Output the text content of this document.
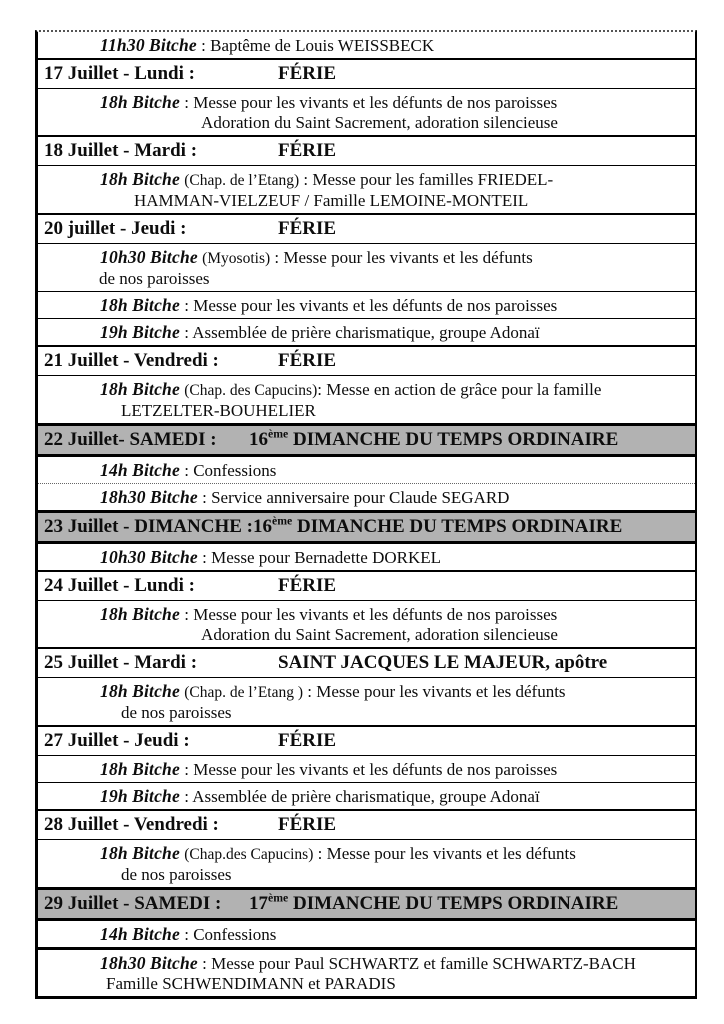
11h30 Bitche : Baptême de Louis WEISSBECK
17 Juillet - Lundi :	FÉRIE
18h Bitche : Messe pour les vivants et les défunts de nos paroisses
Adoration du Saint Sacrement, adoration silencieuse
18 Juillet - Mardi :	FÉRIE
18h Bitche (Chap. de l’Etang) : Messe pour les familles FRIEDEL-
HAMMAN-VIELZEUF / Famille LEMOINE-MONTEIL
20 juillet - Jeudi :	FÉRIE
10h30 Bitche (Myosotis) : Messe pour les vivants et les défunts
de nos paroisses
18h Bitche : Messe pour les vivants et les défunts de nos paroisses
19h Bitche : Assemblée de prière charismatique, groupe Adonaï
21 Juillet - Vendredi :	FÉRIE
18h Bitche (Chap. des Capucins): Messe en action de grâce pour la famille
LETZELTER-BOUHELIER
22 Juillet- SAMEDI : 16ème DIMANCHE DU TEMPS ORDINAIRE
14h Bitche : Confessions
18h30 Bitche : Service anniversaire pour Claude SEGARD
23 Juillet - DIMANCHE :16ème DIMANCHE DU TEMPS ORDINAIRE
10h30 Bitche : Messe pour Bernadette DORKEL
24 Juillet - Lundi :	FÉRIE
18h Bitche : Messe pour les vivants et les défunts de nos paroisses
Adoration du Saint Sacrement, adoration silencieuse
25 Juillet - Mardi :	SAINT JACQUES LE MAJEUR, apôtre
18h Bitche (Chap. de l’Etang ) : Messe pour les vivants et les défunts
de nos paroisses
27 Juillet - Jeudi :	FÉRIE
18h Bitche : Messe pour les vivants et les défunts de nos paroisses
19h Bitche : Assemblée de prière charismatique, groupe Adonaï
28 Juillet - Vendredi :	FÉRIE
18h Bitche (Chap.des Capucins) : Messe pour les vivants et les défunts
de nos paroisses
29 Juillet - SAMEDI : 17ème DIMANCHE DU TEMPS ORDINAIRE
14h Bitche : Confessions
18h30 Bitche : Messe pour Paul SCHWARTZ et famille SCHWARTZ-BACH
Famille SCHWENDIMANN et PARADIS
